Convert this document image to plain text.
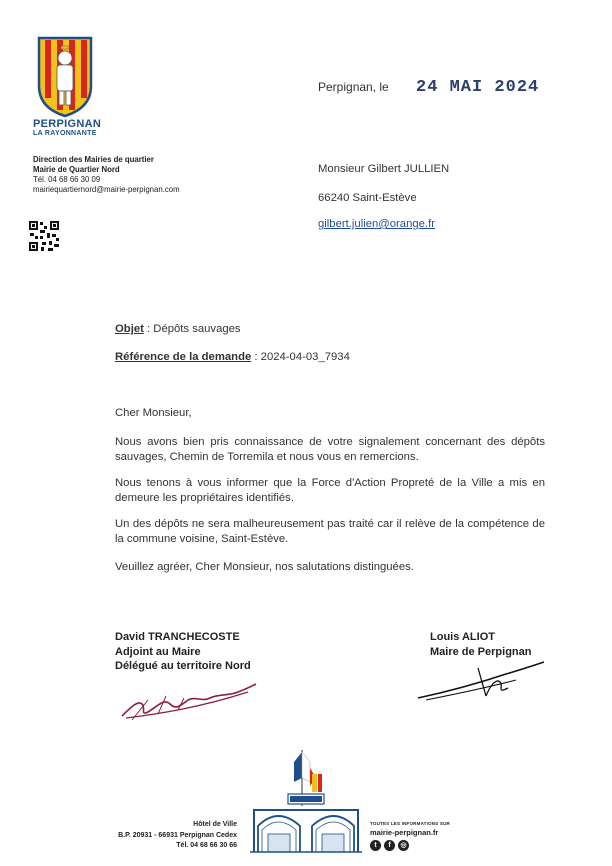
PERPIGNAN
LA RAYONNANTE
Direction des Mairies de quartier
Mairie de Quartier Nord
Tél. 04 68 66 30 09
mairiequartiernord@mairie-perpignan.com
Perpignan, le 24 MAI 2024
Monsieur Gilbert JULLIEN
66240 Saint-Estève
gilbert.julien@orange.fr
Objet : Dépôts sauvages
Référence de la demande : 2024-04-03_7934
Cher Monsieur,
Nous avons bien pris connaissance de votre signalement concernant des dépôts sauvages, Chemin de Torremila et nous vous en remercions.
Nous tenons à vous informer que la Force d'Action Propreté de la Ville a mis en demeure les propriétaires identifiés.
Un des dépôts ne sera malheureusement pas traité car il relève de la compétence de la commune voisine, Saint-Estève.
Veuillez agréer, Cher Monsieur, nos salutations distinguées.
David TRANCHECOSTE
Adjoint au Maire
Délégué au territoire Nord
Louis ALIOT
Maire de Perpignan
Hôtel de Ville
B.P. 20931 - 66931 Perpignan Cedex
Tél. 04 68 66 30 66
TOUTES LES INFORMATIONS SUR
mairie-perpignan.fr
t	f	◎
